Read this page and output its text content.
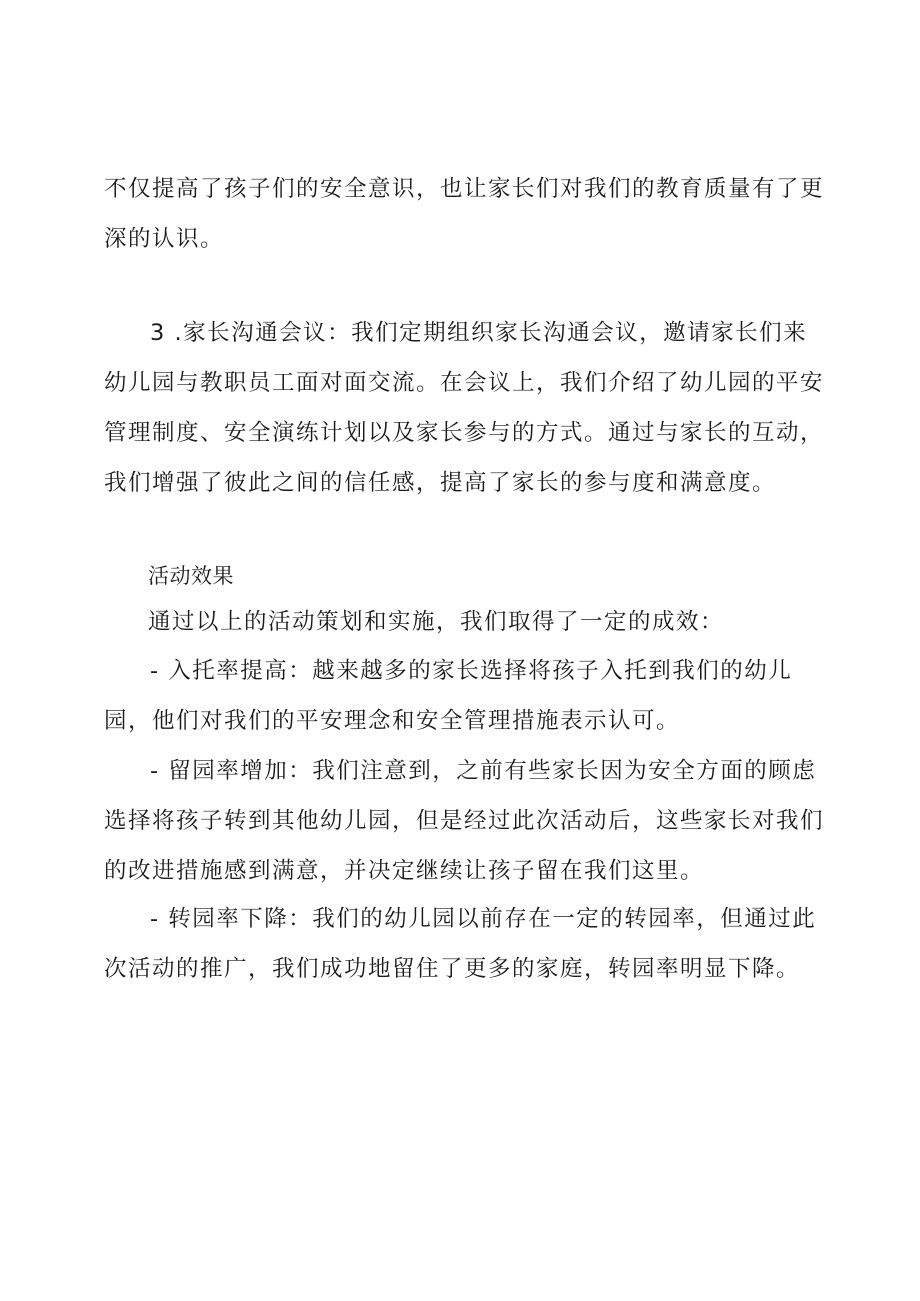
不仅提高了孩子们的安全意识，也让家长们对我们的教育质量有了更深的认识。

3 .家长沟通会议：我们定期组织家长沟通会议，邀请家长们来幼儿园与教职员工面对面交流。在会议上，我们介绍了幼儿园的平安管理制度、安全演练计划以及家长参与的方式。通过与家长的互动，我们增强了彼此之间的信任感，提高了家长的参与度和满意度。

活动效果

通过以上的活动策划和实施，我们取得了一定的成效：

- 入托率提高：越来越多的家长选择将孩子入托到我们的幼儿园，他们对我们的平安理念和安全管理措施表示认可。

- 留园率增加：我们注意到，之前有些家长因为安全方面的顾虑选择将孩子转到其他幼儿园，但是经过此次活动后，这些家长对我们的改进措施感到满意，并决定继续让孩子留在我们这里。

- 转园率下降：我们的幼儿园以前存在一定的转园率，但通过此次活动的推广，我们成功地留住了更多的家庭，转园率明显下降。
